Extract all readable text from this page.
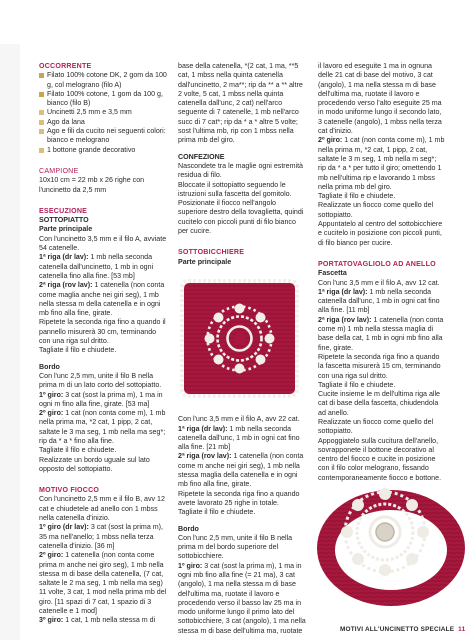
OCCORRENTE
Filato 100% cotone DK, 2 gom da 100 g, col melograno (filo A)
Filato 100% cotone, 1 gom da 100 g, bianco (filo B)
Uncinetti 2,5 mm e 3,5 mm
Ago da lana
Ago e fili da cucito nei seguenti colori: bianco e melograno
1 bottone grande decorativo
CAMPIONE

10x10 cm = 22 mb x 26 righe con l'uncinetto da 2,5 mm

ESECUZIONE
SOTTOPIATTO
Parte principale

Con l'uncinetto 3,5 mm e il filo A, avviate 54 catenelle.

1ª riga (dr lav): 1 mb nella seconda catenella dall'uncinetto, 1 mb in ogni catenella fino alla fine. [53 mb]

2ª riga (rov lav): 1 catenella (non conta come maglia anche nei giri seg), 1 mb nella stessa m della catenella e in ogni mb fino alla fine, girate.

Ripetete la seconda riga fino a quando il pannello misurerà 30 cm, terminando con una riga sul dritto.

Tagliate il filo e chiudete.

Bordo

Con l'unc 2,5 mm, unite il filo B nella prima m di un lato corto del sottopiatto.

1º giro: 3 cat (sost la prima m), 1 ma in ogni m fino alla fine, girate. [53 ma]

2º giro: 1 cat (non conta come m), 1 mb nella prima ma, *2 cat, 1 pipp, 2 cat, saltate le 3 ma seg, 1 mb nella ma seg*; rip da * a * fino alla fine.

Tagliate il filo e chiudete.

Realizzate un bordo uguale sul lato opposto del sottopiatto.

MOTIVO FIOCCO

Con l'uncinetto 2,5 mm e il filo B, avv 12 cat e chiudetele ad anello con 1 mbss nella catenella d'inizio.

1º giro (dr lav): 3 cat (sost la prima m), 35 ma nell'anello; 1 mbss nella terza catenella d'inizio. [36 m]

2º giro: 1 catenella (non conta come prima m anche nei giro seg), 1 mb nella stessa m di base della catenella, (7 cat, saltate le 2 ma seg, 1 mb nella ma seg) 11 volte, 3 cat, 1 mod nella prima mb del giro. [11 spazi di 7 cat, 1 spazio di 3 catenelle e 1 mod]

3º giro: 1 cat, 1 mb nella stessa m di

base della catenella, *(2 cat, 1 ma, **5 cat, 1 mbss nella quinta catenella dall'uncinetto, 2 ma**; rip da ** a ** altre 2 volte, 5 cat, 1 mbss nella quinta catenella dall'unc, 2 cat) nell'arco seguente di 7 catenelle, 1 mb nell'arco succ di 7 cat*; rip da * a * altre 5 volte; sost l'ultima mb, rip con 1 mbss nella prima mb del giro.

CONFEZIONE

Nascondete tra le maglie ogni estremità residua di filo.

Bloccate il sottopiatto seguendo le istruzioni sulla fascetta del gomitolo.

Posizionate il fiocco nell'angolo superiore destro della tovaglietta, quindi cucitelo con piccoli punti di filo bianco per cucire.

SOTTOBICCHIERE
Parte principale

Con l'unc 3,5 mm e il filo A, avv 22 cat.

1ª riga (dr lav): 1 mb nella seconda catenella dall'unc, 1 mb in ogni cat fino alla fine. [21 mb]

2ª riga (rov lav): 1 catenella (non conta come m anche nei giri seg), 1 mb nella stessa maglia della catenella e in ogni mb fino alla fine, girate.

Ripetete la seconda riga fino a quando avete lavorato 25 righe in totale.

Tagliate il filo e chiudete.

Bordo

Con l'unc 2,5 mm, unite il filo B nella prima m del bordo superiore del sottobicchiere.

1º giro: 3 cat (sost la prima m), 1 ma in ogni mb fino alla fine (= 21 ma), 3 cat (angolo), 1 ma nella stessa m di base dell'ultima ma, ruotate il lavoro e procedendo verso il basso lav 25 ma in modo uniforme lungo il primo lato del sottobicchiere, 3 cat (angolo), 1 ma nella stessa m di base dell'ultima ma, ruotate

il lavoro ed eseguite 1 ma in ognuna delle 21 cat di base del motivo, 3 cat (angolo), 1 ma nella stessa m di base dell'ultima ma, ruotate il lavoro e procedendo verso l'alto eseguite 25 ma in modo uniforme lungo il secondo lato, 3 catenelle (angolo), 1 mbss nella terza cat d'inizio.

2º giro: 1 cat (non conta come m), 1 mb nella prima m, *2 cat, 1 pipp, 2 cat, saltate le 3 m seg, 1 mb nella m seg*; rip da * a * per tutto il giro; omettendo 1 mb nell'ultima rip e lavorando 1 mbss nella prima mb del giro.

Tagliate il filo e chiudete.

Realizzate un fiocco come quello del sottopiatto.

Appuntatelo al centro del sottobicchiere e cucitelo in posizione con piccoli punti, di filo bianco per cucire.

PORTATOVAGLIOLO AD ANELLO
Fascetta

Con l'unc 3,5 mm e il filo A, avv 12 cat.

1ª riga (dr lav): 1 mb nella seconda catenella dall'unc, 1 mb in ogni cat fino alla fine. [11 mb]

2ª riga (rov lav): 1 catenella (non conta come m) 1 mb nella stessa maglia di base della cat, 1 mb in ogni mb fino alla fine, girate.

Ripetete la seconda riga fino a quando la fascetta misurerà 15 cm, terminando con una riga sul dritto.

Tagliate il filo e chiudete.

Cucite insieme le m dell'ultima riga alle cat di base della fascetta, chiudendola ad anello.

Realizzate un fiocco come quello del sottopiatto.

Appoggiatelo sulla cucitura dell'anello, sovrapponete il bottone decorativo al centro del fiocco e cucite in posizione con il filo color melograno, fissando contemporaneamente fiocco e bottone.

MOTIVI ALL'UNCINETTO SPECIALE 11
